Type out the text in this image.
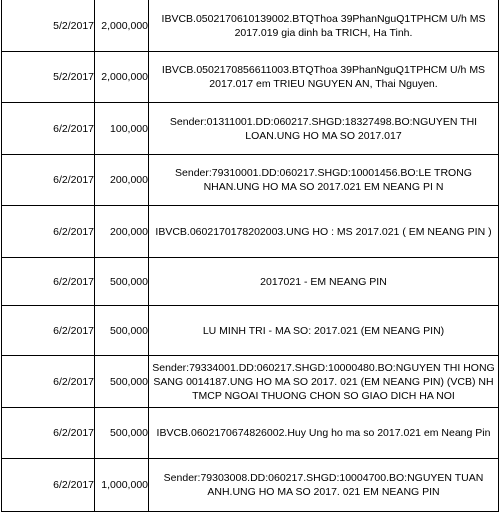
5/2/2017	2,000,000	IBVCB.0502170610139002.BTQThoa 39PhanNguQ1TPHCM U/h MS 2017.019 gia dinh ba TRICH, Ha Tinh.
5/2/2017	2,000,000	IBVCB.0502170856611003.BTQThoa 39PhanNguQ1TPHCM U/h MS 2017.017 em TRIEU NGUYEN AN, Thai Nguyen.
6/2/2017	100,000	Sender:01311001.DD:060217.SHGD:18327498.BO:NGUYEN THI LOAN.UNG HO MA SO 2017.017
6/2/2017	200,000	Sender:79310001.DD:060217.SHGD:10001456.BO:LE TRONG NHAN.UNG HO MA SO 2017.021 EM NEANG PI N
6/2/2017	200,000	IBVCB.0602170178202003.UNG HO : MS 2017.021 ( EM NEANG PIN )
6/2/2017	500,000	2017021 - EM NEANG PIN
6/2/2017	500,000	LU MINH TRI - MA SO: 2017.021 (EM NEANG PIN)
6/2/2017	500,000	Sender:79334001.DD:060217.SHGD:10000480.BO:NGUYEN THI HONG SANG 0014187.UNG HO MA SO 2017. 021 (EM NEANG PIN) (VCB) NH TMCP NGOAI THUONG CHON SO GIAO DICH HA NOI
6/2/2017	500,000	IBVCB.0602170674826002.Huy Ung ho ma so 2017.021 em Neang Pin
6/2/2017	1,000,000	Sender:79303008.DD:060217.SHGD:10004700.BO:NGUYEN TUAN ANH.UNG HO MA SO 2017. 021 EM NEANG PIN
